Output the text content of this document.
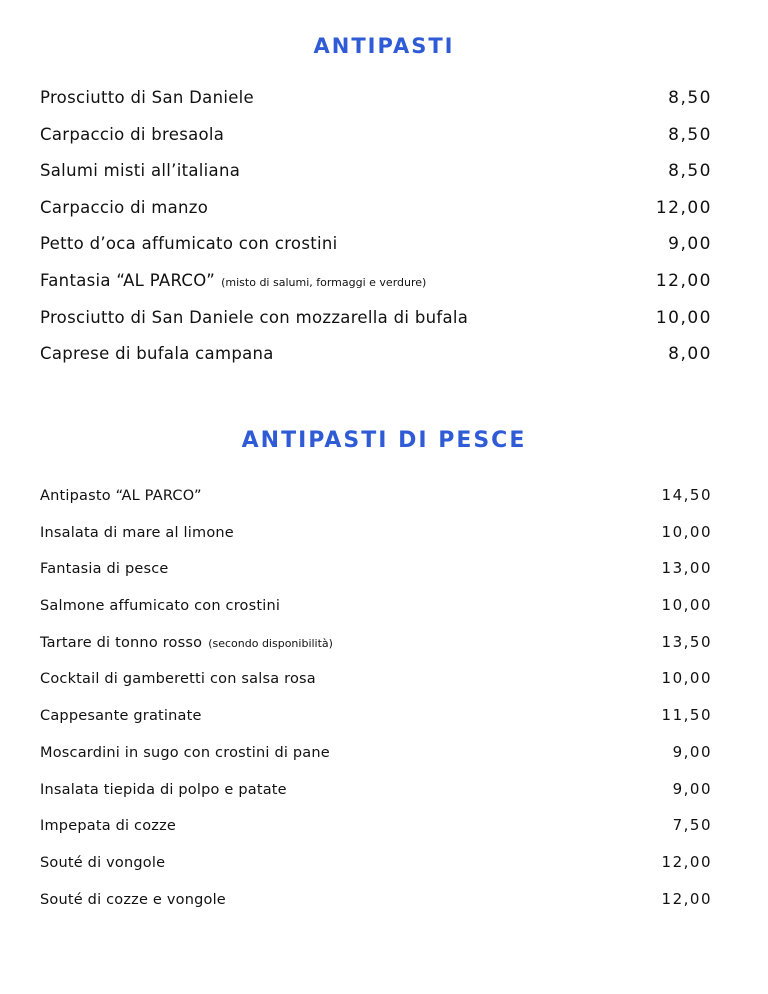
ANTIPASTI
Prosciutto di San Daniele	8,50
Carpaccio di bresaola	8,50
Salumi misti all’italiana	8,50
Carpaccio di manzo	12,00
Petto d’oca affumicato con crostini	9,00
Fantasia “AL PARCO” (misto di salumi, formaggi e verdure)	12,00
Prosciutto di San Daniele con mozzarella di bufala	10,00
Caprese di bufala campana	8,00
ANTIPASTI DI PESCE
Antipasto “AL PARCO”	14,50
Insalata di mare al limone	10,00
Fantasia di pesce	13,00
Salmone affumicato con crostini	10,00
Tartare di tonno rosso (secondo disponibilità)	13,50
Cocktail di gamberetti con salsa rosa	10,00
Cappesante gratinate	11,50
Moscardini in sugo con crostini di pane	9,00
Insalata tiepida di polpo e patate	9,00
Impepata di cozze	7,50
Souté di vongole	12,00
Souté di cozze e vongole	12,00
